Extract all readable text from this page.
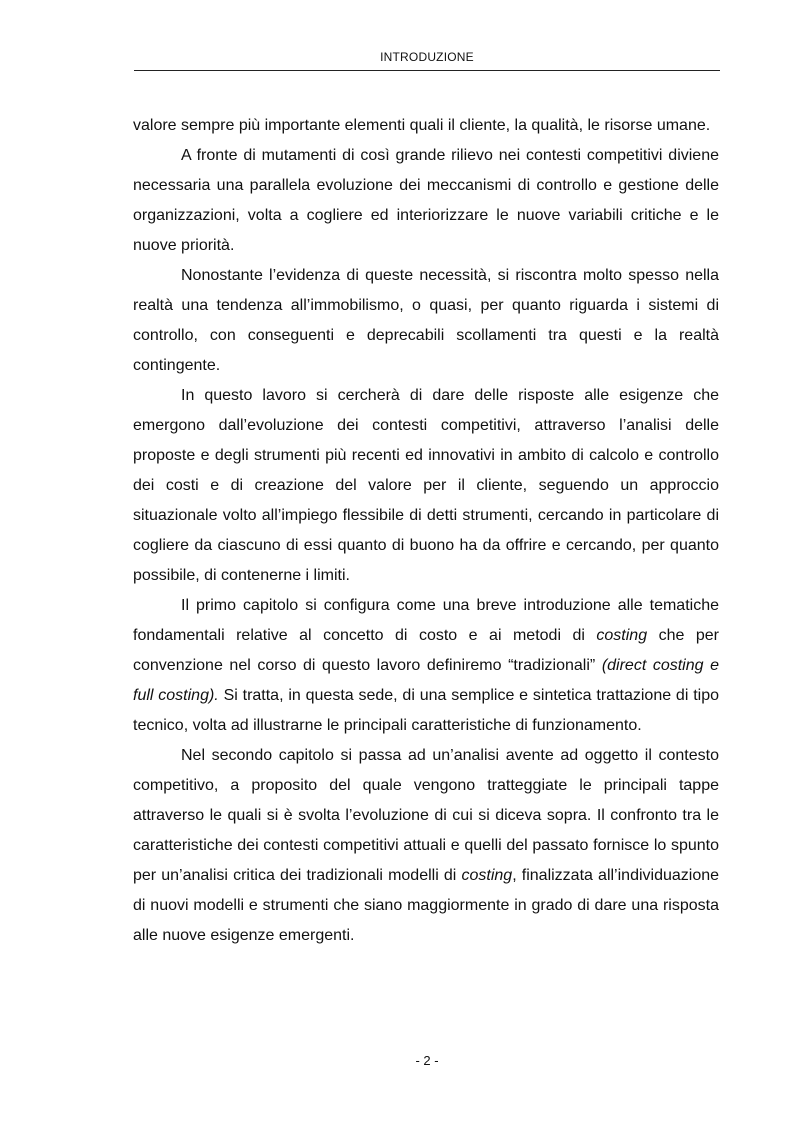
INTRODUZIONE

valore sempre più importante elementi quali il cliente, la qualità, le risorse umane.

A fronte di mutamenti di così grande rilievo nei contesti competitivi diviene necessaria una parallela evoluzione dei meccanismi di controllo e gestione delle organizzazioni, volta a cogliere ed interiorizzare le nuove variabili critiche e le nuove priorità.

Nonostante l’evidenza di queste necessità, si riscontra molto spesso nella realtà una tendenza all’immobilismo, o quasi, per quanto riguarda i sistemi di controllo, con conseguenti e deprecabili scollamenti tra questi e la realtà contingente.

In questo lavoro si cercherà di dare delle risposte alle esigenze che emergono dall’evoluzione dei contesti competitivi, attraverso l’analisi delle proposte e degli strumenti più recenti ed innovativi in ambito di calcolo e controllo dei costi e di creazione del valore per il cliente, seguendo un approccio situazionale volto all’impiego flessibile di detti strumenti, cercando in particolare di cogliere da ciascuno di essi quanto di buono ha da offrire e cercando, per quanto possibile, di contenerne i limiti.

Il primo capitolo si configura come una breve introduzione alle tematiche fondamentali relative al concetto di costo e ai metodi di costing che per convenzione nel corso di questo lavoro definiremo “tradizionali” (direct costing e full costing). Si tratta, in questa sede, di una semplice e sintetica trattazione di tipo tecnico, volta ad illustrarne le principali caratteristiche di funzionamento.

Nel secondo capitolo si passa ad un’analisi avente ad oggetto il contesto competitivo, a proposito del quale vengono tratteggiate le principali tappe attraverso le quali si è svolta l’evoluzione di cui si diceva sopra. Il confronto tra le caratteristiche dei contesti competitivi attuali e quelli del passato fornisce lo spunto per un’analisi critica dei tradizionali modelli di costing, finalizzata all’individuazione di nuovi modelli e strumenti che siano maggiormente in grado di dare una risposta alle nuove esigenze emergenti.

- 2 -
